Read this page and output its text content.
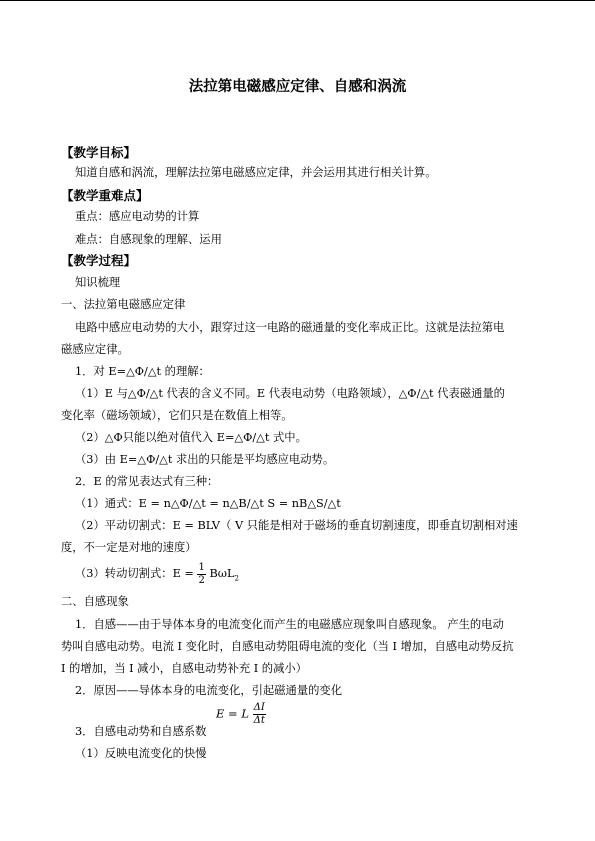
法拉第电磁感应定律、自感和涡流
【教学目标】
知道自感和涡流，理解法拉第电磁感应定律，并会运用其进行相关计算。
【教学重难点】
重点：感应电动势的计算
难点：自感现象的理解、运用
【教学过程】
知识梳理
一、法拉第电磁感应定律
电路中感应电动势的大小，跟穿过这一电路的磁通量的变化率成正比。这就是法拉第电
磁感应定律。
1．对 E=△Φ/△t 的理解：
（1）E 与△Φ/△t 代表的含义不同。E 代表电动势（电路领域），△Φ/△t 代表磁通量的
变化率（磁场领域），它们只是在数值上相等。
（2）△Φ只能以绝对值代入 E=△Φ/△t 式中。
（3）由 E=△Φ/△t 求出的只能是平均感应电动势。
2．E 的常见表达式有三种：
（1）通式：E = n△Φ/△t = n△B/△t S = nB△S/△t
（2）平动切割式：E = BLV（ V 只能是相对于磁场的垂直切割速度，即垂直切割相对速
度，不一定是对地的速度）
（3）转动切割式：$E = \frac{1}{2} B\omega L_2$
二、自感现象
1．自感——由于导体本身的电流变化而产生的电磁感应现象叫自感现象。 产生的电动
势叫自感电动势。电流 I 变化时，自感电动势阻碍电流的变化（当 I 增加，自感电动势反抗
I 的增加，当 I 减小，自感电动势补充 I 的减小）
2．原因——导体本身的电流变化，引起磁通量的变化
E = L $\frac{\Delta I}{\Delta t}$
3．自感电动势和自感系数
（1）反映电流变化的快慢
